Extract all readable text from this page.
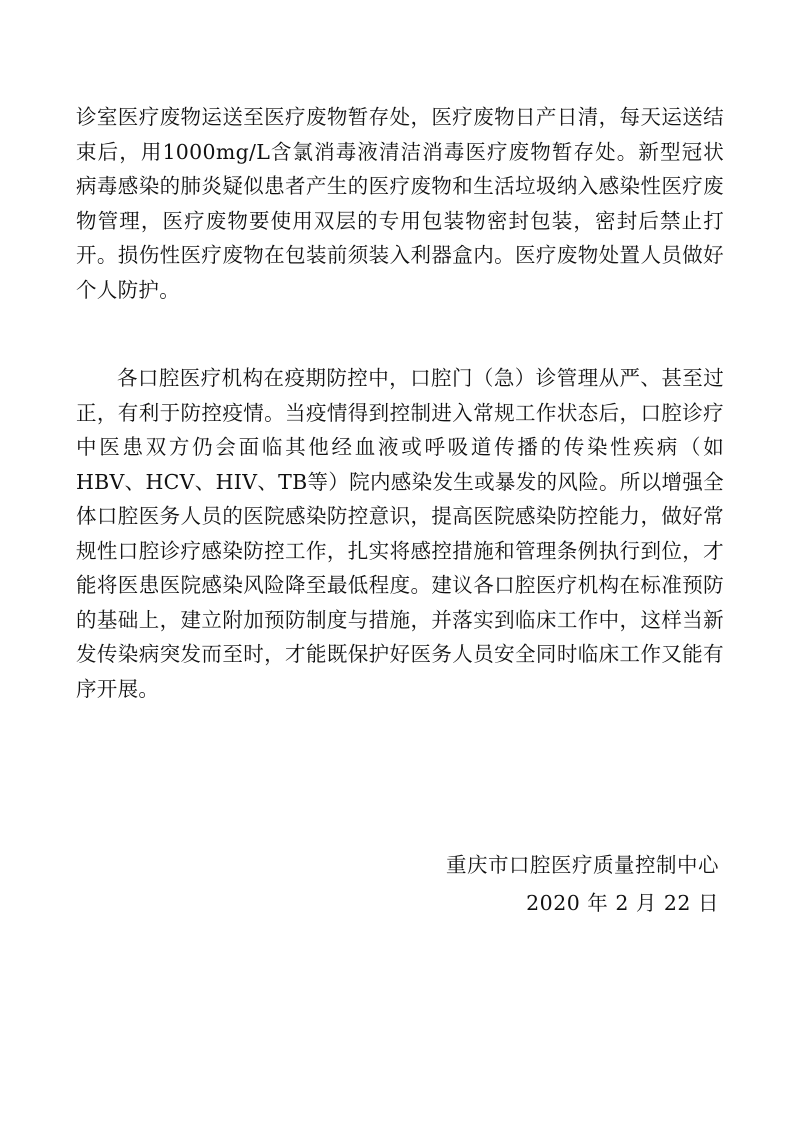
诊室医疗废物运送至医疗废物暂存处，医疗废物日产日清，每天运送结束后，用1000mg/L含氯消毒液清洁消毒医疗废物暂存处。新型冠状病毒感染的肺炎疑似患者产生的医疗废物和生活垃圾纳入感染性医疗废物管理，医疗废物要使用双层的专用包装物密封包装，密封后禁止打开。损伤性医疗废物在包装前须装入利器盒内。医疗废物处置人员做好个人防护。

各口腔医疗机构在疫期防控中，口腔门（急）诊管理从严、甚至过正，有利于防控疫情。当疫情得到控制进入常规工作状态后，口腔诊疗中医患双方仍会面临其他经血液或呼吸道传播的传染性疾病（如HBV、HCV、HIV、TB等）院内感染发生或暴发的风险。所以增强全体口腔医务人员的医院感染防控意识，提高医院感染防控能力，做好常规性口腔诊疗感染防控工作，扎实将感控措施和管理条例执行到位，才能将医患医院感染风险降至最低程度。建议各口腔医疗机构在标准预防的基础上，建立附加预防制度与措施，并落实到临床工作中，这样当新发传染病突发而至时，才能既保护好医务人员安全同时临床工作又能有序开展。

重庆市口腔医疗质量控制中心

2020 年 2 月 22 日
